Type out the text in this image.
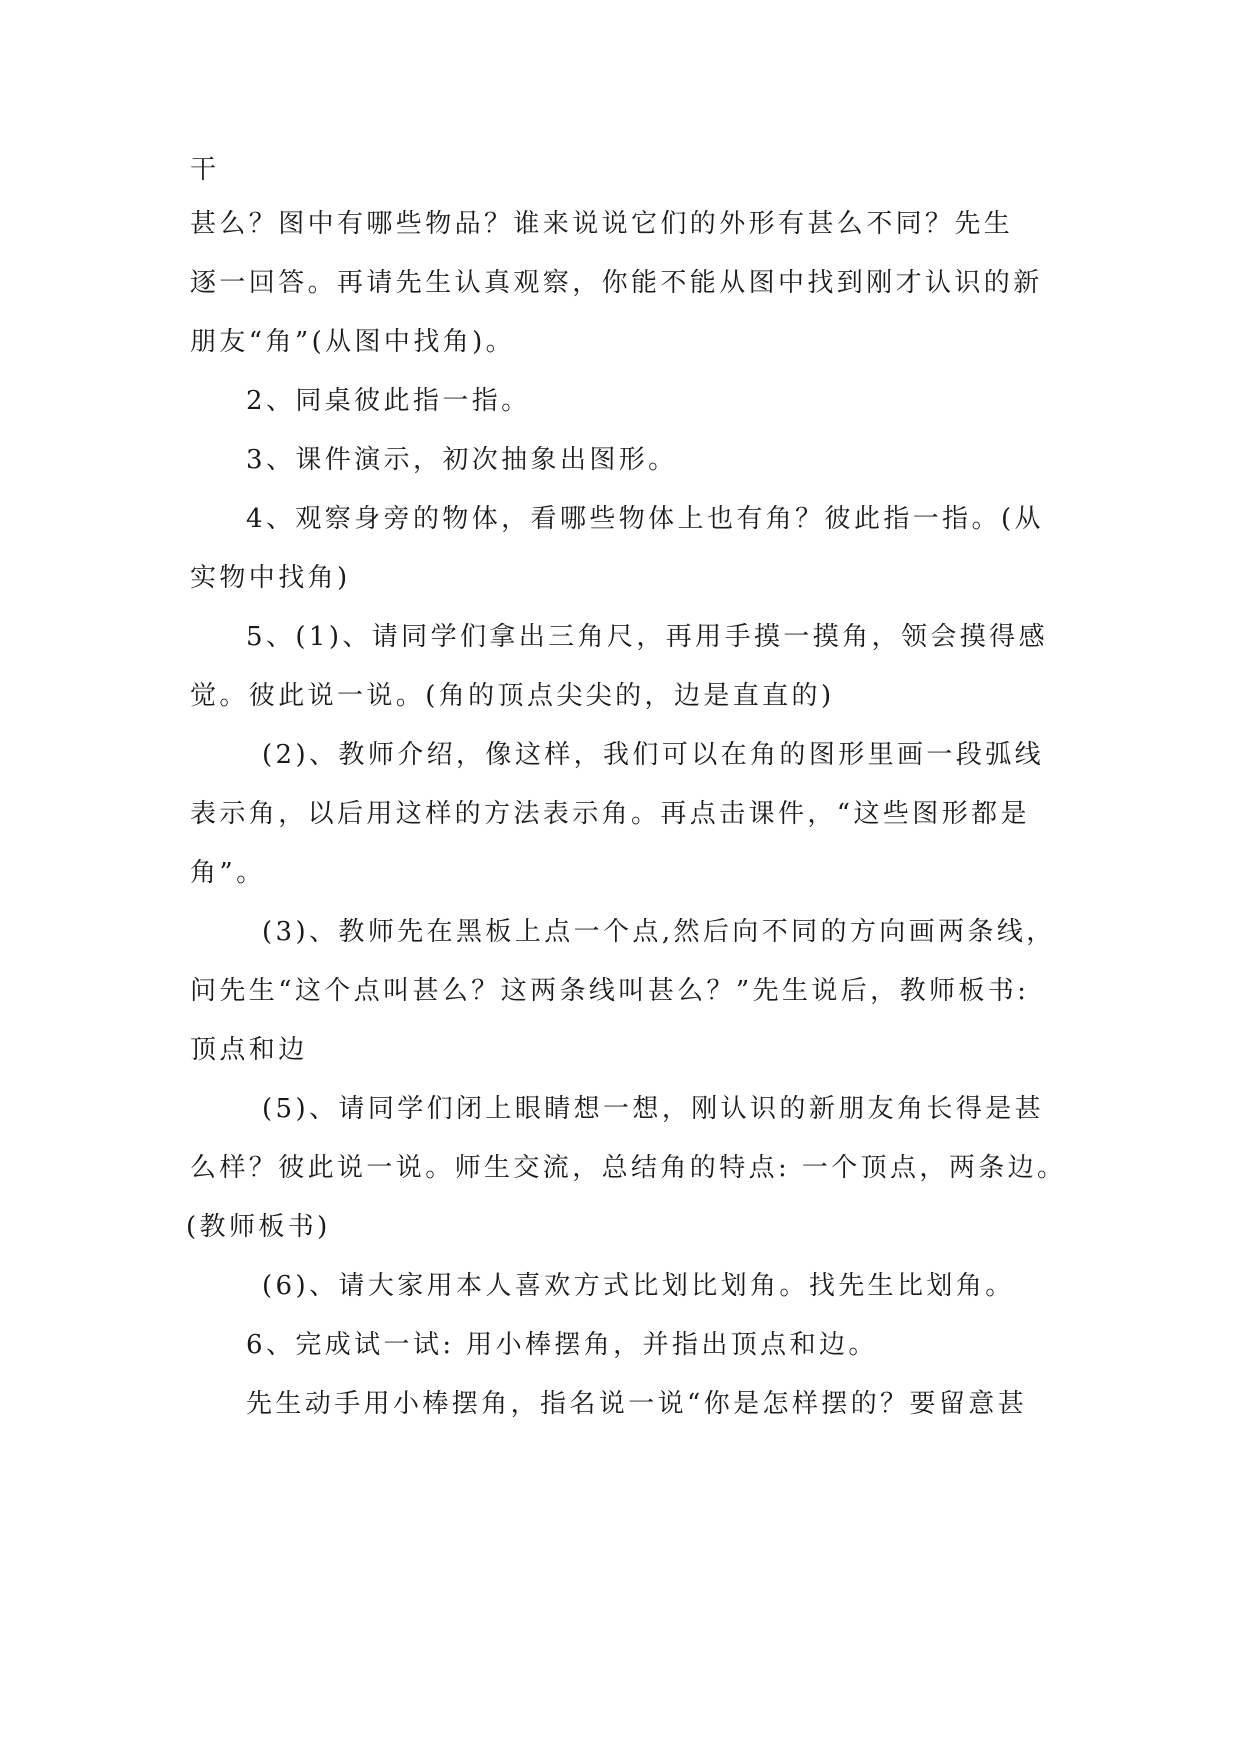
干
甚么？图中有哪些物品？谁来说说它们的外形有甚么不同？先生
逐一回答。再请先生认真观察，你能不能从图中找到刚才认识的新
朋友“角”(从图中找角)。
2、同桌彼此指一指。
3、课件演示，初次抽象出图形。
4、观察身旁的物体，看哪些物体上也有角？彼此指一指。(从
实物中找角)
5、(1)、请同学们拿出三角尺，再用手摸一摸角，领会摸得感
觉。彼此说一说。(角的顶点尖尖的，边是直直的)
(2)、教师介绍，像这样，我们可以在角的图形里画一段弧线
表示角，以后用这样的方法表示角。再点击课件，“这些图形都是
角”。
(3)、教师先在黑板上点一个点,然后向不同的方向画两条线，
问先生“这个点叫甚么？这两条线叫甚么？”先生说后，教师板书:
顶点和边
(5)、请同学们闭上眼睛想一想，刚认识的新朋友角长得是甚
么样？彼此说一说。师生交流，总结角的特点: 一个顶点，两条边。
(教师板书)
(6)、请大家用本人喜欢方式比划比划角。找先生比划角。
6、完成试一试: 用小棒摆角，并指出顶点和边。
先生动手用小棒摆角，指名说一说“你是怎样摆的？要留意甚
